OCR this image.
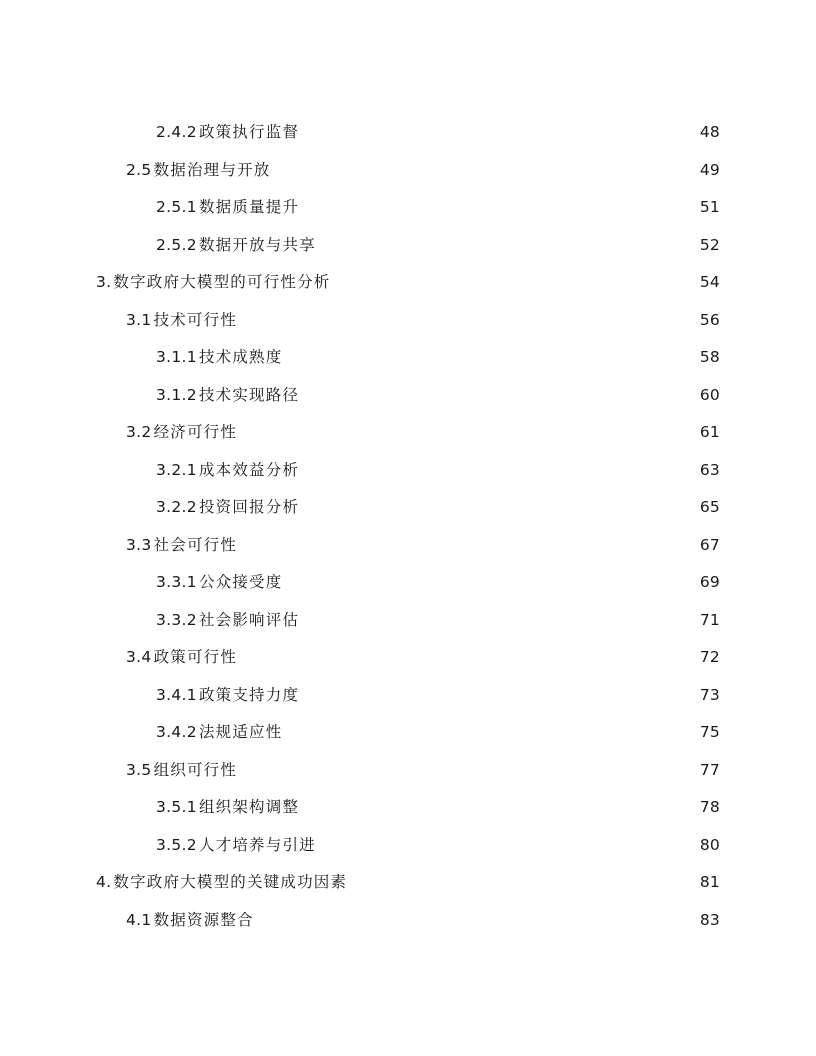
2.4.2 政策执行监督	48
2.5 数据治理与开放	49
2.5.1 数据质量提升	51
2.5.2 数据开放与共享	52
3. 数字政府大模型的可行性分析	54
3.1 技术可行性	56
3.1.1 技术成熟度	58
3.1.2 技术实现路径	60
3.2 经济可行性	61
3.2.1 成本效益分析	63
3.2.2 投资回报分析	65
3.3 社会可行性	67
3.3.1 公众接受度	69
3.3.2 社会影响评估	71
3.4 政策可行性	72
3.4.1 政策支持力度	73
3.4.2 法规适应性	75
3.5 组织可行性	77
3.5.1 组织架构调整	78
3.5.2 人才培养与引进	80
4. 数字政府大模型的关键成功因素	81
4.1 数据资源整合	83
